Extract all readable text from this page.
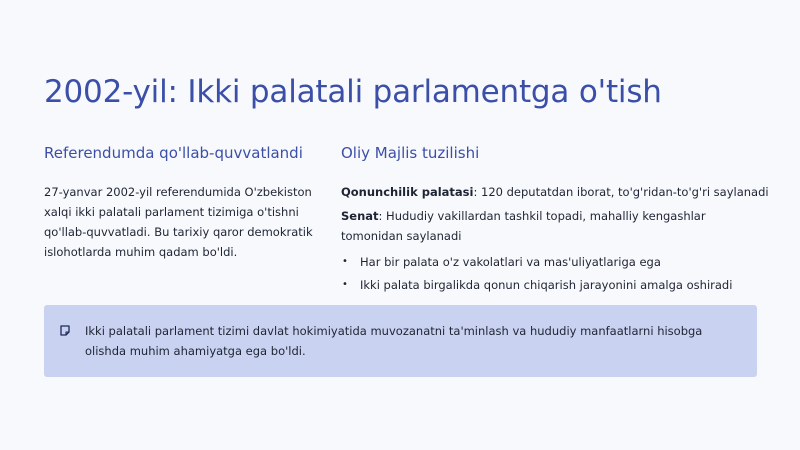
2002-yil: Ikki palatali parlamentga o'tish
Referendumda qo'llab-quvvatlandi

27-yanvar 2002-yil referendumida O'zbekiston xalqi ikki palatali parlament tizimiga o'tishni qo'llab-quvvatladi. Bu tarixiy qaror demokratik islohotlarda muhim qadam bo'ldi.

Oliy Majlis tuzilishi

Qonunchilik palatasi: 120 deputatdan iborat, to'g'ridan-to'g'ri saylanadi

Senat: Hududiy vakillardan tashkil topadi, mahalliy kengashlar tomonidan saylanadi

• Har bir palata o'z vakolatlari va mas'uliyatlariga ega
• Ikki palata birgalikda qonun chiqarish jarayonini amalga oshiradi

Ikki palatali parlament tizimi davlat hokimiyatida muvozanatni ta'minlash va hududiy manfaatlarni hisobga olishda muhim ahamiyatga ega bo'ldi.
